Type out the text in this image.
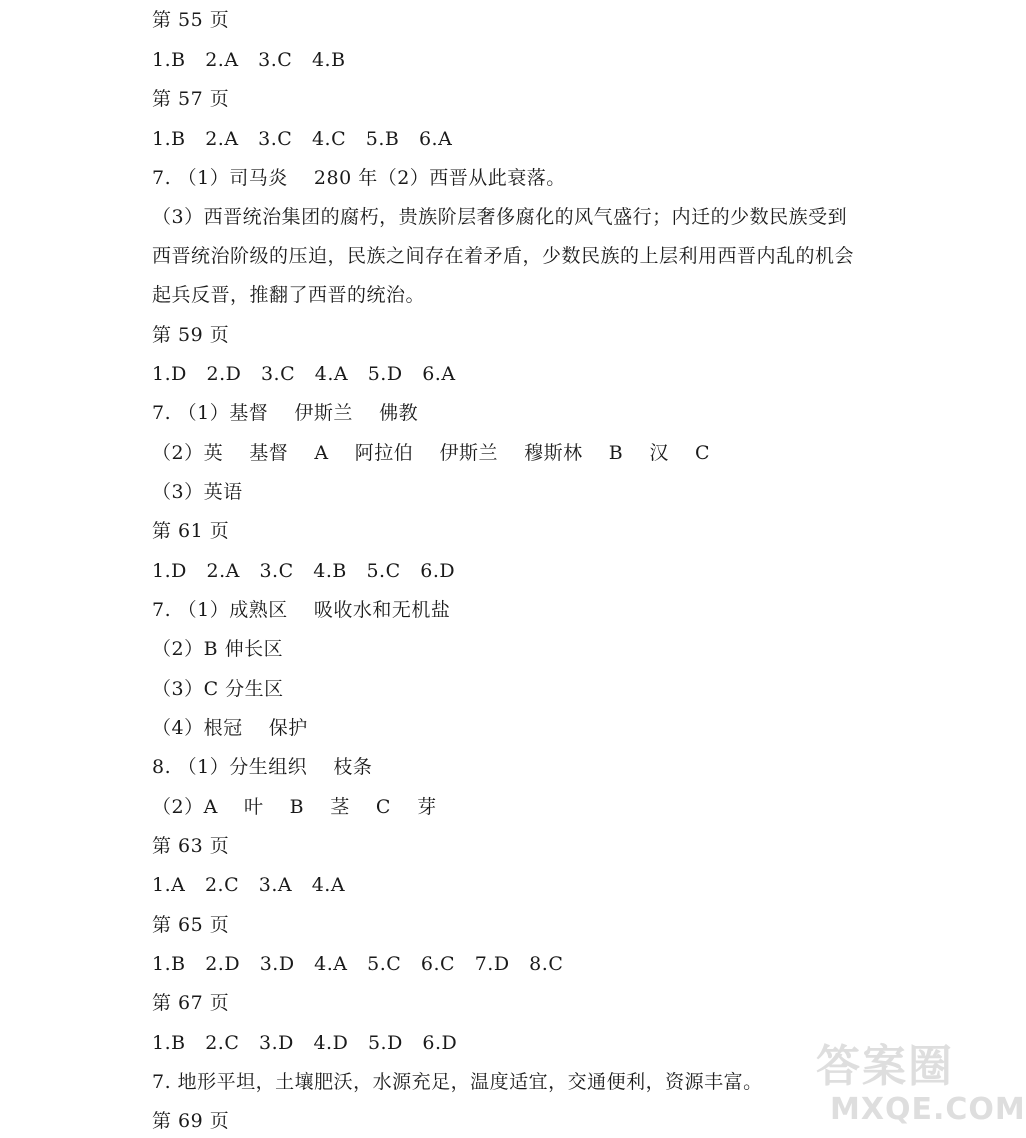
第 55 页
1.B   2.A   3.C   4.B
第 57 页
1.B   2.A   3.C   4.C   5.B   6.A
7. （1）司马炎    280 年（2）西晋从此衰落。
（3）西晋统治集团的腐朽，贵族阶层奢侈腐化的风气盛行；内迁的少数民族受到西晋统治阶级的压迫，民族之间存在着矛盾，少数民族的上层利用西晋内乱的机会起兵反晋，推翻了西晋的统治。
第 59 页
1.D   2.D   3.C   4.A   5.D   6.A
7. （1）基督    伊斯兰    佛教
（2）英    基督    A    阿拉伯    伊斯兰    穆斯林    B    汉    C
（3）英语
第 61 页
1.D   2.A   3.C   4.B   5.C   6.D
7. （1）成熟区    吸收水和无机盐
（2）B 伸长区
（3）C 分生区
（4）根冠    保护
8. （1）分生组织    枝条
（2）A    叶    B    茎    C    芽
第 63 页
1.A   2.C   3.A   4.A
第 65 页
1.B   2.D   3.D   4.A   5.C   6.C   7.D   8.C
第 67 页
1.B   2.C   3.D   4.D   5.D   6.D
7. 地形平坦，土壤肥沃，水源充足，温度适宜，交通便利，资源丰富。
第 69 页
答案圈
MXQE.COM
